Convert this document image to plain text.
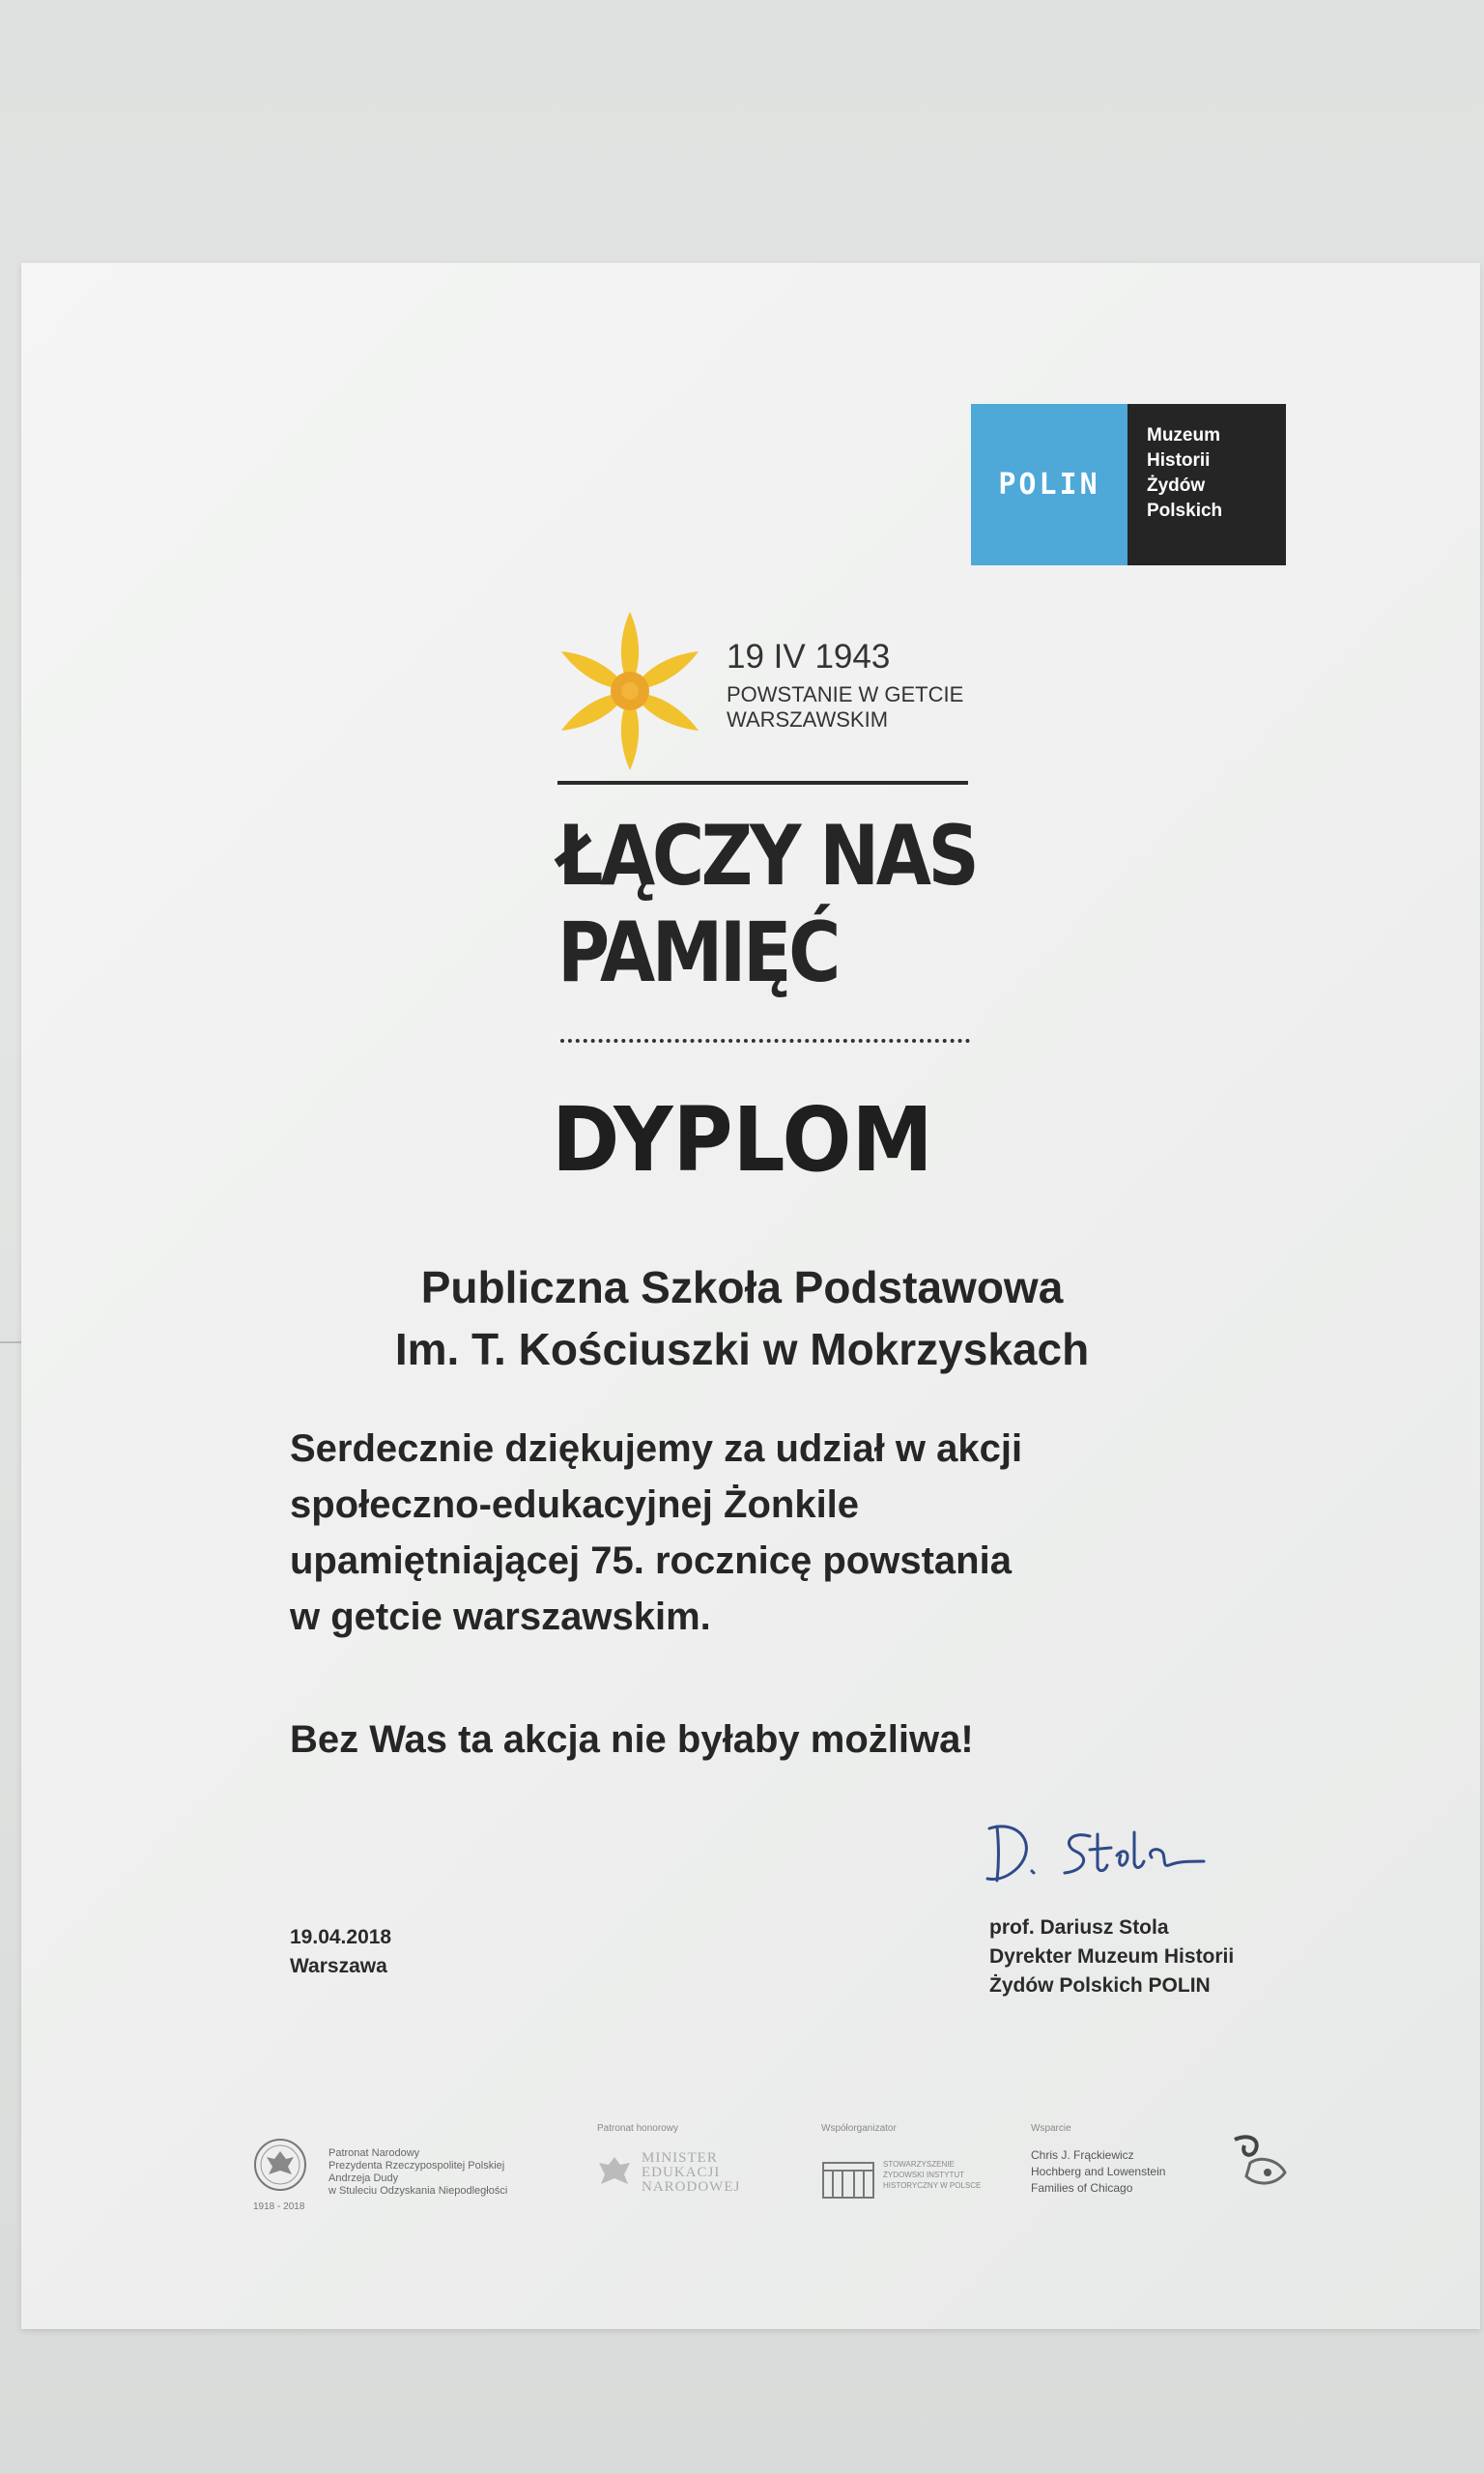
POLIN
Muzeum
Historii
Żydów
Polskich
19 IV 1943
POWSTANIE W GETCIE
WARSZAWSKIM
ŁĄCZY NAS
PAMIĘĆ
DYPLOM
Publiczna Szkoła Podstawowa
Im. T. Kościuszki w Mokrzyskach
Serdecznie dziękujemy za udział w akcji
społeczno-edukacyjnej Żonkile
upamiętniającej 75. rocznicę powstania
w getcie warszawskim.
Bez Was ta akcja nie byłaby możliwa!
19.04.2018
Warszawa
prof. Dariusz Stola
Dyrekter Muzeum Historii
Żydów Polskich POLIN
1918 - 2018
Patronat Narodowy
Prezydenta Rzeczypospolitej Polskiej
Andrzeja Dudy
w Stuleciu Odzyskania Niepodległości
Patronat honorowy
MINISTER
EDUKACJI
NARODOWEJ
Współorganizator
STOWARZYSZENIE
ŻYDOWSKI INSTYTUT
HISTORYCZNY W POLSCE
Wsparcie
Chris J. Frąckiewicz
Hochberg and Lowenstein
Families of Chicago
